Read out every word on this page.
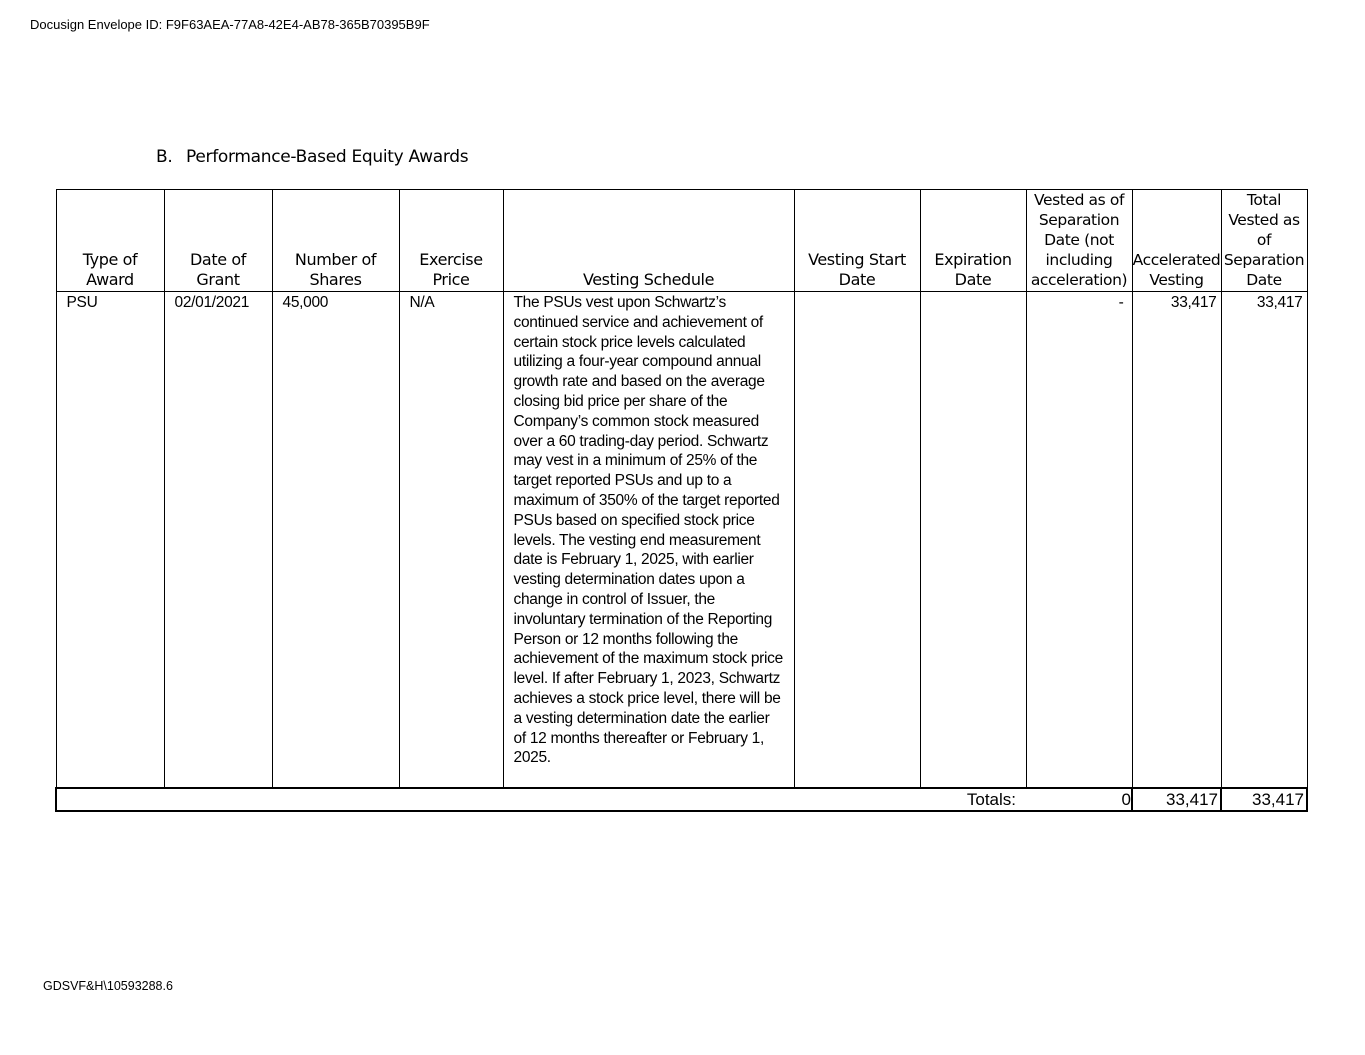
Docusign Envelope ID: F9F63AEA-77A8-42E4-AB78-365B70395B9F
B. Performance-Based Equity Awards
Type of Award	Date of Grant	Number of Shares	Exercise Price	Vesting Schedule	Vesting Start Date	Expiration Date	Vested as of Separation Date (not including acceleration)	Accelerated Vesting	Total Vested as of Separation Date
PSU	02/01/2021	45,000	N/A	The PSUs vest upon Schwartz’s continued service and achievement of certain stock price levels calculated utilizing a four-year compound annual growth rate and based on the average closing bid price per share of the Company’s common stock measured over a 60 trading-day period. Schwartz may vest in a minimum of 25% of the target reported PSUs and up to a maximum of 350% of the target reported PSUs based on specified stock price levels. The vesting end measurement date is February 1, 2025, with earlier vesting determination dates upon a change in control of Issuer, the involuntary termination of the Reporting Person or 12 months following the achievement of the maximum stock price level. If after February 1, 2023, Schwartz achieves a stock price level, there will be a vesting determination date the earlier of 12 months thereafter or February 1, 2025.			-	33,417	33,417
Totals:							0	33,417	33,417
GDSVF&H\10593288.6
